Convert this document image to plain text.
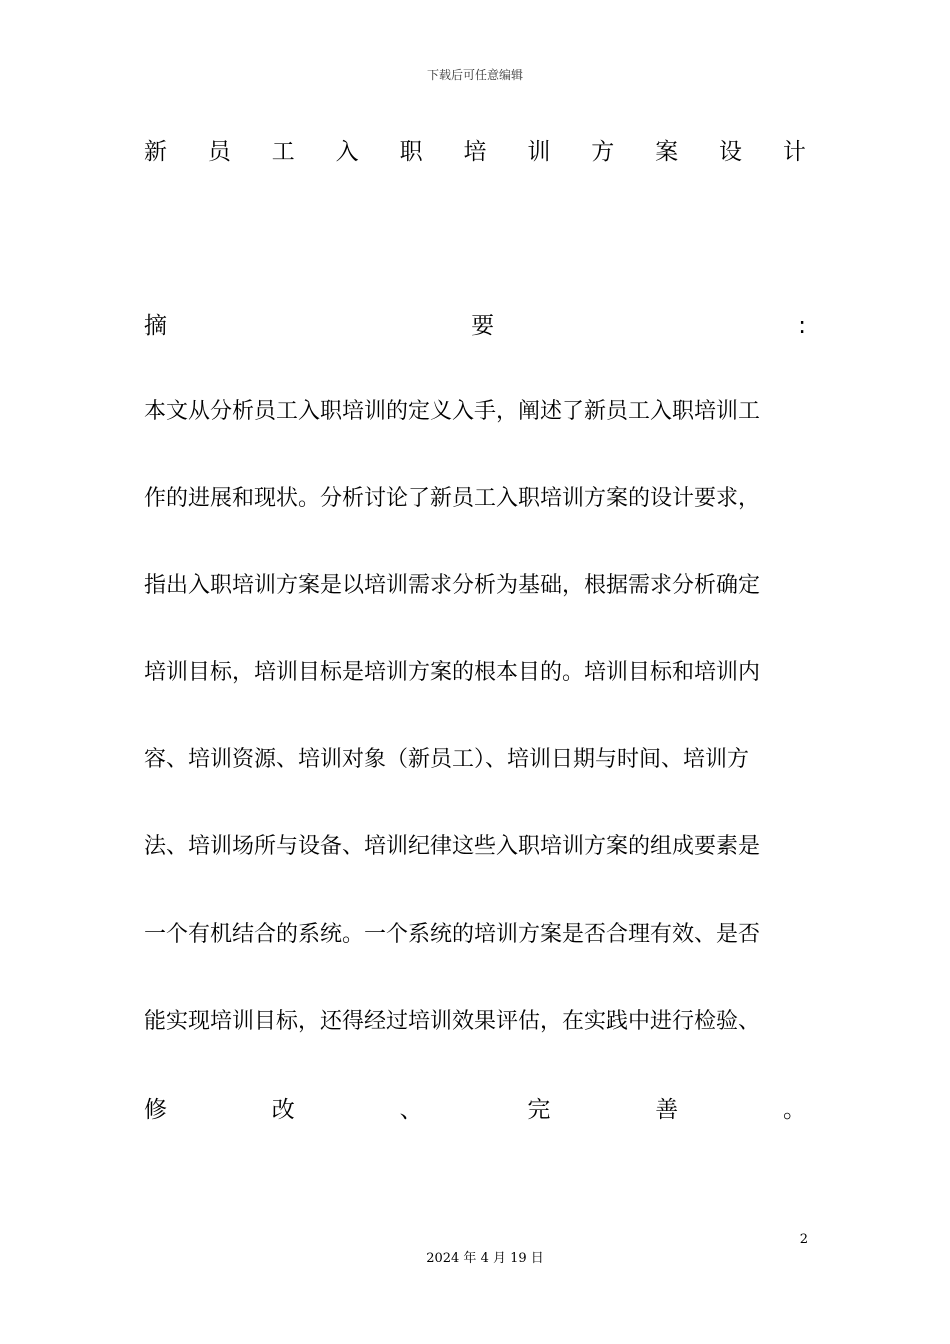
下载后可任意编辑
新 员 工 入 职 培 训 方 案 设 计
摘	要	:
本文从分析员工入职培训的定义入手，阐述了新员工入职培训工
作的进展和现状。分析讨论了新员工入职培训方案的设计要求，
指出入职培训方案是以培训需求分析为基础，根据需求分析确定
培训目标，培训目标是培训方案的根本目的。培训目标和培训内
容、培训资源、培训对象（新员工）、培训日期与时间、培训方
法、培训场所与设备、培训纪律这些入职培训方案的组成要素是
一个有机结合的系统。一个系统的培训方案是否合理有效、是否
能实现培训目标，还得经过培训效果评估，在实践中进行检验、
修	改	、	完	善	。
2
2024 年 4 月 19 日
